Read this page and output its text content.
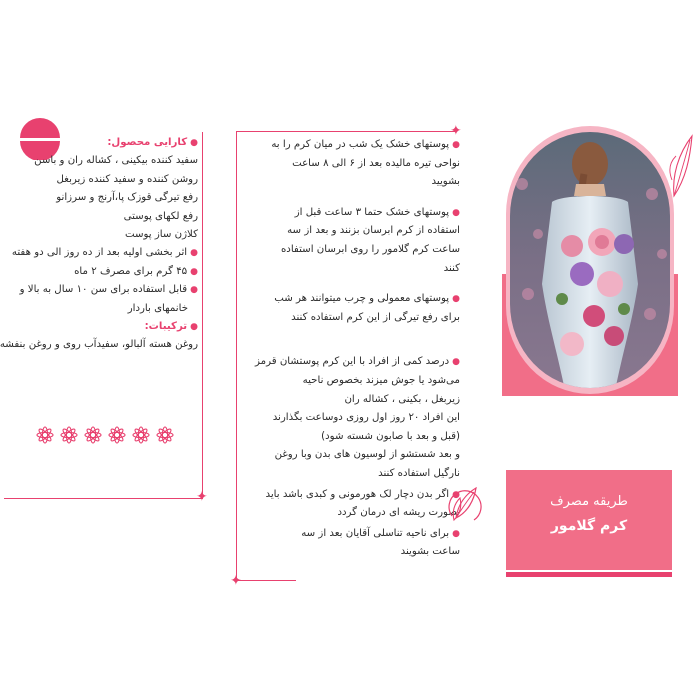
✦
●کارایی محصول:
سفید کننده بیکینی ، کشاله ران و باسن
روشن کننده و سفید کننده زیربغل
رفع تیرگی قوزک پا،آرنج و سرزانو
رفع لکهای پوستی
کلاژن ساز پوست
●اثر بخشی اولیه بعد از ده روز الی دو هفته
●۴۵ گرم برای مصرف ۲ ماه
●قابل استفاده برای سن ۱۰ سال به بالا و
خانمهای باردار
●ترکیبات:
روغن هسته آلبالو، سفیدآب روی و روغن بنفشه
✦
✦

●پوستهای خشک یک شب در میان کرم را به
نواحی تیره مالیده بعد از ۶ الی ۸ ساعت
بشویید

●پوستهای خشک حتما ۳ ساعت قبل از
استفاده از کرم ابرسان بزنند و بعد از سه
ساعت کرم گلامور را روی ابرسان استفاده
کنند

●پوستهای معمولی و چرب میتوانند هر شب
برای رفع تیرگی از این کرم استفاده کنند

●درصد کمی از افراد با این کرم پوستشان قرمز
می‌شود یا جوش میزند بخصوص ناحیه
زیربغل ، بکینی ، کشاله ران
این افراد ۲۰ روز اول روزی دوساعت بگذارند
(قبل و بعد با صابون شسته شود)
و بعد شستشو از لوسیون های بدن وبا روغن
نارگیل استفاده کنند

●اگر بدن دچار لک هورمونی و کبدی باشد باید
بصورت ریشه ای درمان گردد

●برای ناحیه تناسلی آقایان بعد از سه
ساعت بشویند

طریقه مصرف
کرم گلامور
